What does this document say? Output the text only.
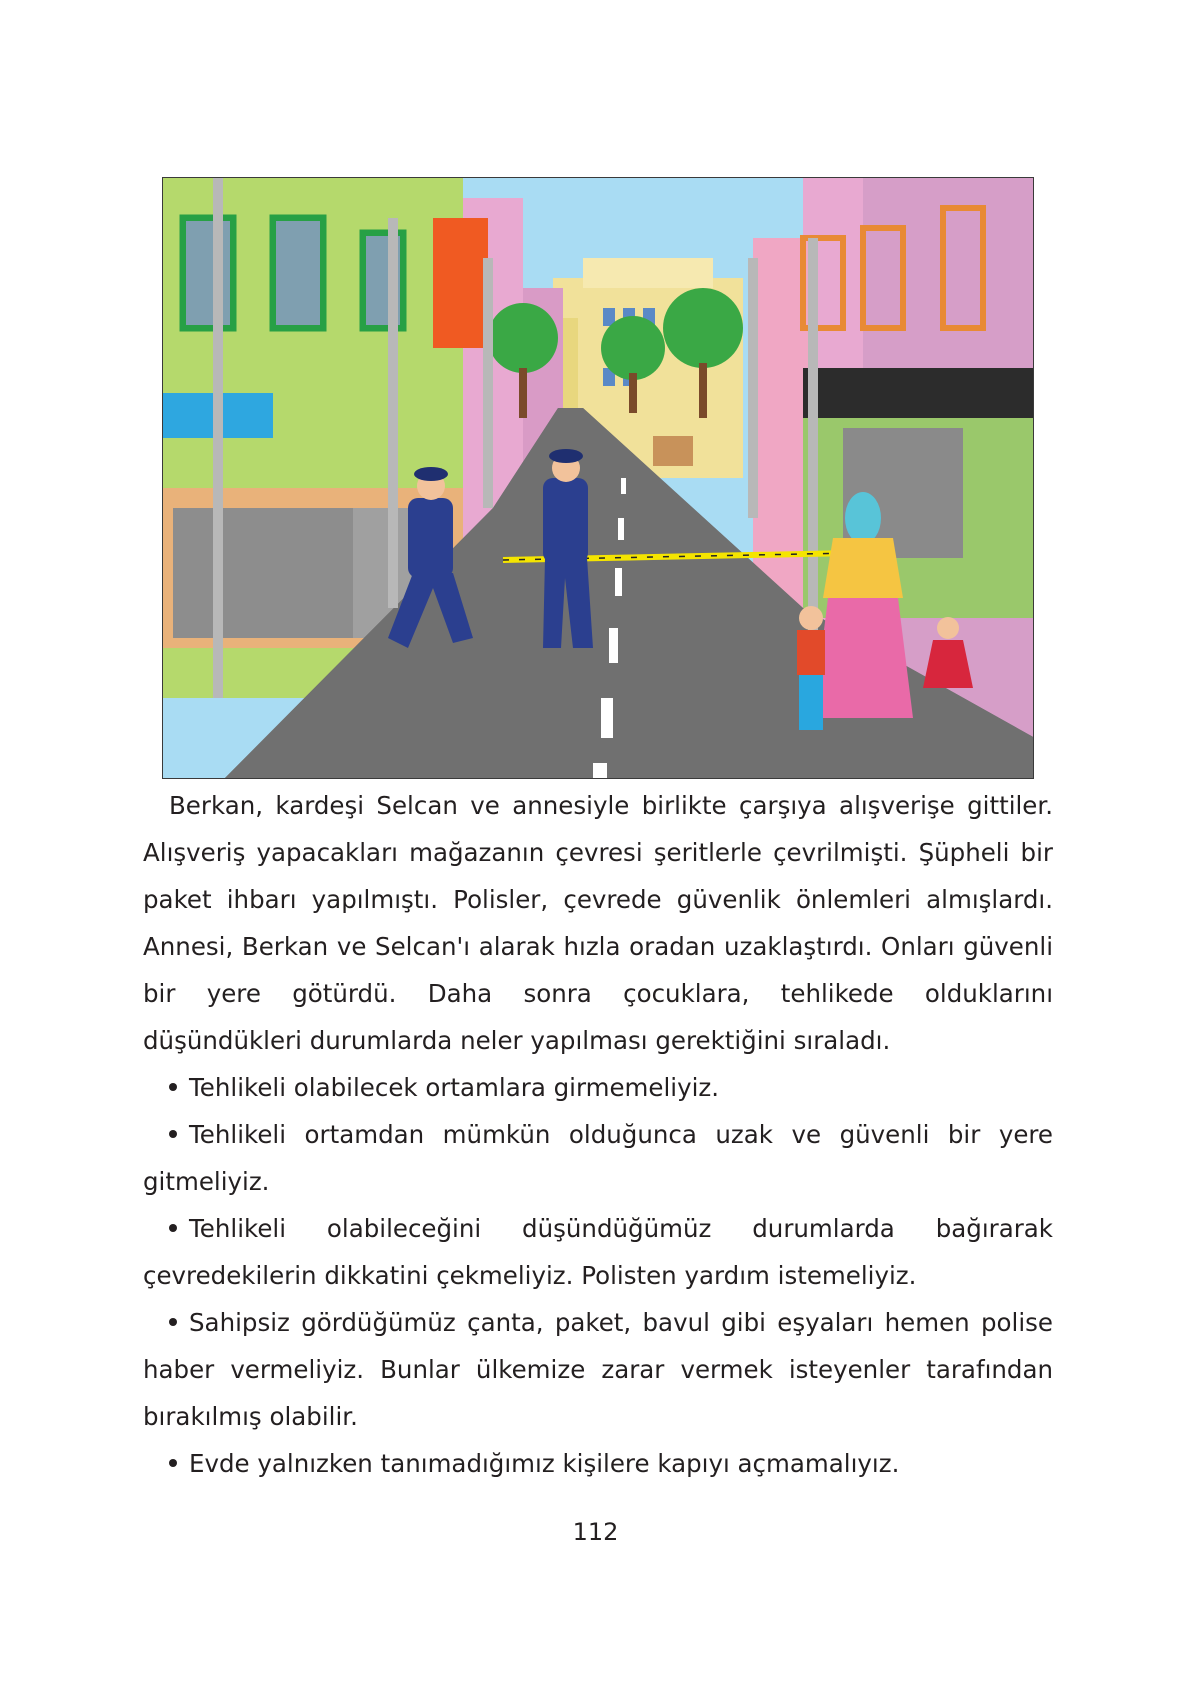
Berkan, kardeşi Selcan ve annesiyle birlikte çarşıya alışverişe gittiler. Alışveriş yapacakları mağazanın çevresi şeritlerle çevrilmişti. Şüpheli bir paket ihbarı yapılmıştı. Polisler, çevrede güvenlik önlemleri almışlardı. Annesi, Berkan ve Selcan'ı alarak hızla oradan uzaklaştırdı. Onları güvenli bir yere götürdü. Daha sonra çocuklara, tehlikede olduklarını düşündükleri durumlarda neler yapılması gerektiğini sıraladı.

Tehlikeli olabilecek ortamlara girmemeliyiz.

Tehlikeli ortamdan mümkün olduğunca uzak ve güvenli bir yere gitmeliyiz.

Tehlikeli olabileceğini düşündüğümüz durumlarda bağırarak çevredekilerin dikkatini çekmeliyiz. Polisten yardım istemeliyiz.

Sahipsiz gördüğümüz çanta, paket, bavul gibi eşyaları hemen polise haber vermeliyiz. Bunlar ülkemize zarar vermek isteyenler tarafından bırakılmış olabilir.

Evde yalnızken tanımadığımız kişilere kapıyı açmamalıyız.

112
